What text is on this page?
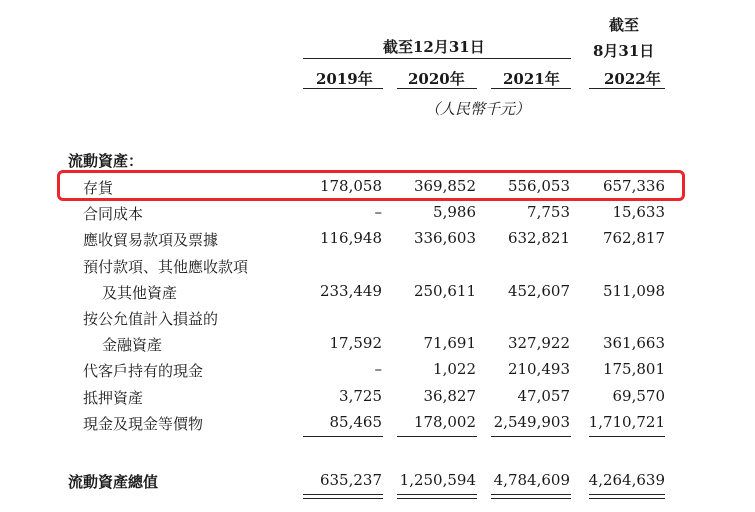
截至12月31日
截至
8月31日
2019年 2020年	2021年	2022年
（人民幣千元）
流動資產：
存貨	178,058	369,852	556,053	657,336
合同成本	–	5,986	7,753	15,633
應收貿易款項及票據	116,948	336,603	632,821	762,817
預付款項、其他應收款項
及其他資產	233,449	250,611	452,607	511,098
按公允值計入損益的
金融資產	17,592	71,691	327,922	361,663
代客戶持有的現金	–	1,022	210,493	175,801
抵押資產	3,725	36,827	47,057	69,570
現金及現金等價物	85,465	178,002	2,549,903	1,710,721
流動資產總值	635,237	1,250,594	4,784,609	4,264,639
